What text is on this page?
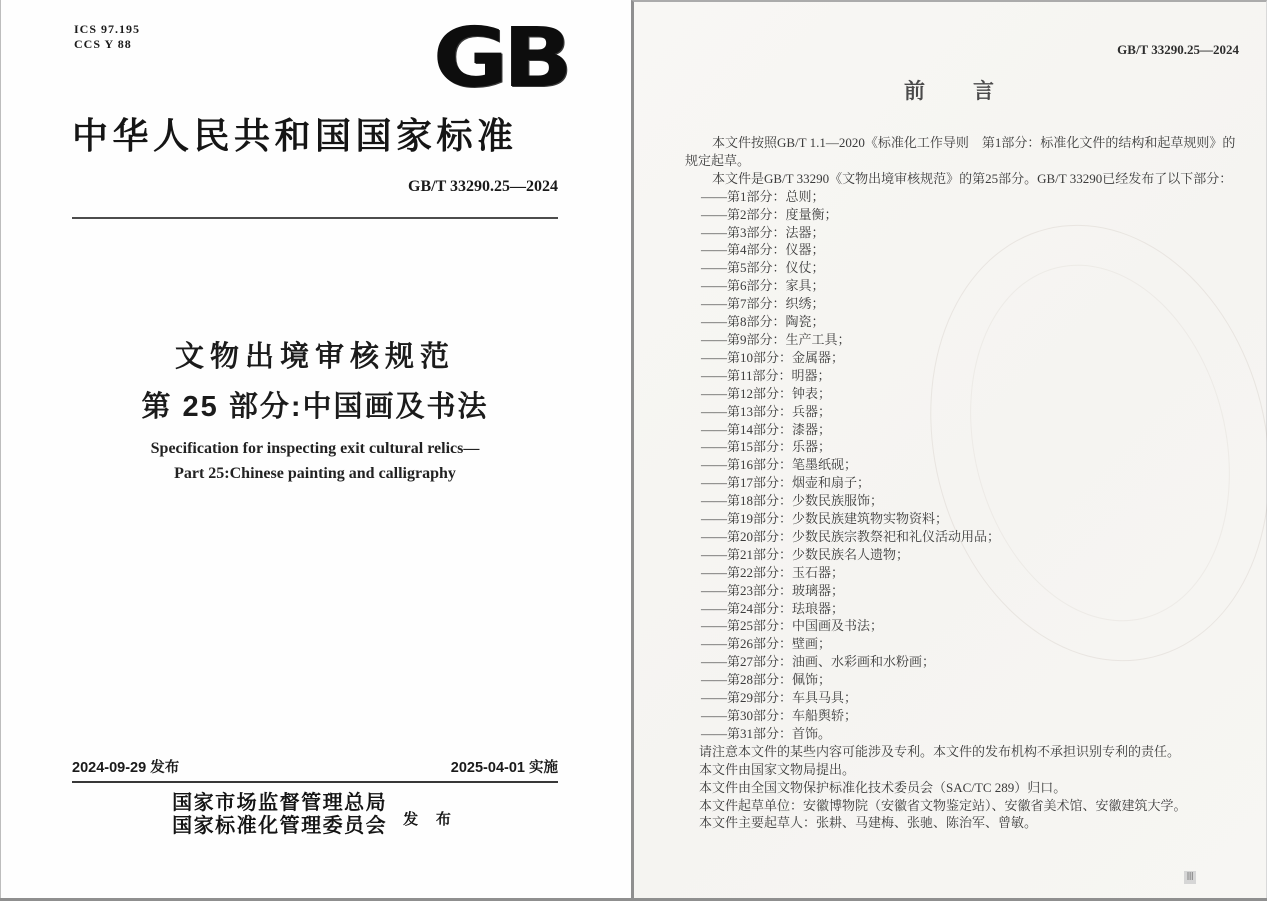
ICS 97.195
CCS Y 88	GB
中华人民共和国国家标准
GB/T 33290.25—2024
文物出境审核规范
第 25 部分:中国画及书法
Specification for inspecting exit cultural relics—
Part 25:Chinese painting and calligraphy
2024-09-29 发布	2025-04-01 实施
国家市场监督管理总局
国家标准化管理委员会 发 布
GB/T 33290.25—2024
前　　言
本文件按照GB/T 1.1—2020《标准化工作导则　第1部分：标准化文件的结构和起草规则》的规定起草。
本文件是GB/T 33290《文物出境审核规范》的第25部分。GB/T 33290已经发布了以下部分：
——第1部分：总则；
——第2部分：度量衡；
——第3部分：法器；
——第4部分：仪器；
——第5部分：仪仗；
——第6部分：家具；
——第7部分：织绣；
——第8部分：陶瓷；
——第9部分：生产工具；
——第10部分：金属器；
——第11部分：明器；
——第12部分：钟表；
——第13部分：兵器；
——第14部分：漆器；
——第15部分：乐器；
——第16部分：笔墨纸砚；
——第17部分：烟壶和扇子；
——第18部分：少数民族服饰；
——第19部分：少数民族建筑物实物资料；
——第20部分：少数民族宗教祭祀和礼仪活动用品；
——第21部分：少数民族名人遗物；
——第22部分：玉石器；
——第23部分：玻璃器；
——第24部分：珐琅器；
——第25部分：中国画及书法；
——第26部分：壁画；
——第27部分：油画、水彩画和水粉画；
——第28部分：佩饰；
——第29部分：车具马具；
——第30部分：车船舆轿；
——第31部分：首饰。
请注意本文件的某些内容可能涉及专利。本文件的发布机构不承担识别专利的责任。
本文件由国家文物局提出。
本文件由全国文物保护标准化技术委员会（SAC/TC 289）归口。
本文件起草单位：安徽博物院（安徽省文物鉴定站）、安徽省美术馆、安徽建筑大学。
本文件主要起草人：张耕、马建梅、张驰、陈治军、曾敏。
Ⅲ
